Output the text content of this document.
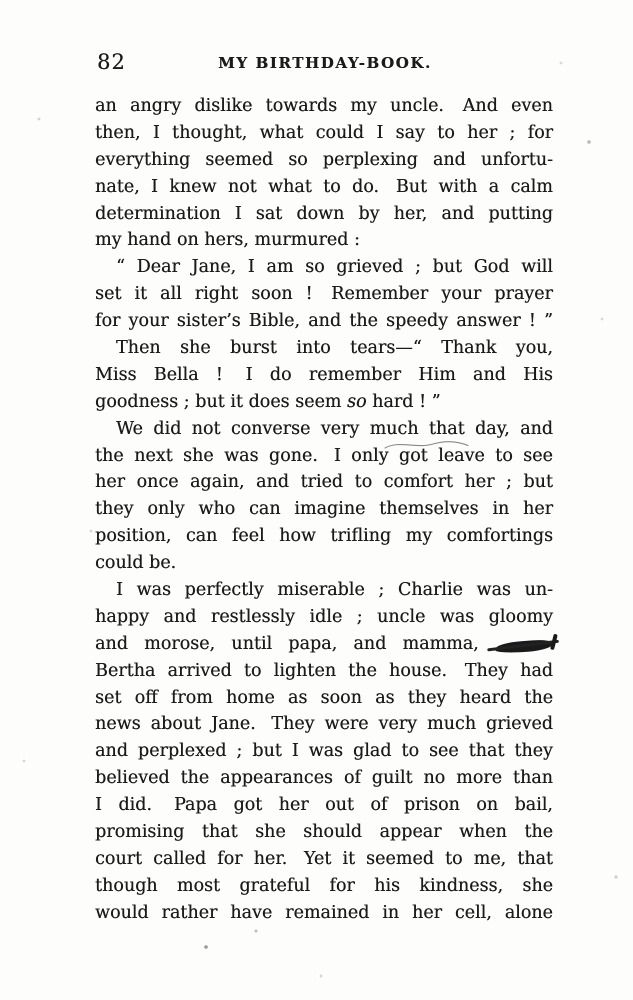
82	MY BIRTHDAY-BOOK.
an angry dislike towards my uncle. And even
then, I thought, what could I say to her ; for
everything seemed so perplexing and unfortu-
nate, I knew not what to do. But with a calm
determination I sat down by her, and putting
my hand on hers, murmured :
“ Dear Jane, I am so grieved ; but God will
set it all right soon ! Remember your prayer
for your sister’s Bible, and the speedy answer ! ”
Then she burst into tears—“ Thank you,
Miss Bella ! I do remember Him and His
goodness ; but it does seem so hard ! ”
We did not converse very much that day, and
the next she was gone. I only got leave to see
her once again, and tried to comfort her ; but
they only who can imagine themselves in her
position, can feel how trifling my comfortings
could be.
I was perfectly miserable ; Charlie was un-
happy and restlessly idle ; uncle was gloomy
and morose, until papa, and mamma,
Bertha arrived to lighten the house. They had
set off from home as soon as they heard the
news about Jane. They were very much grieved
and perplexed ; but I was glad to see that they
believed the appearances of guilt no more than
I did. Papa got her out of prison on bail,
promising that she should appear when the
court called for her. Yet it seemed to me, that
though most grateful for his kindness, she
would rather have remained in her cell, alone
